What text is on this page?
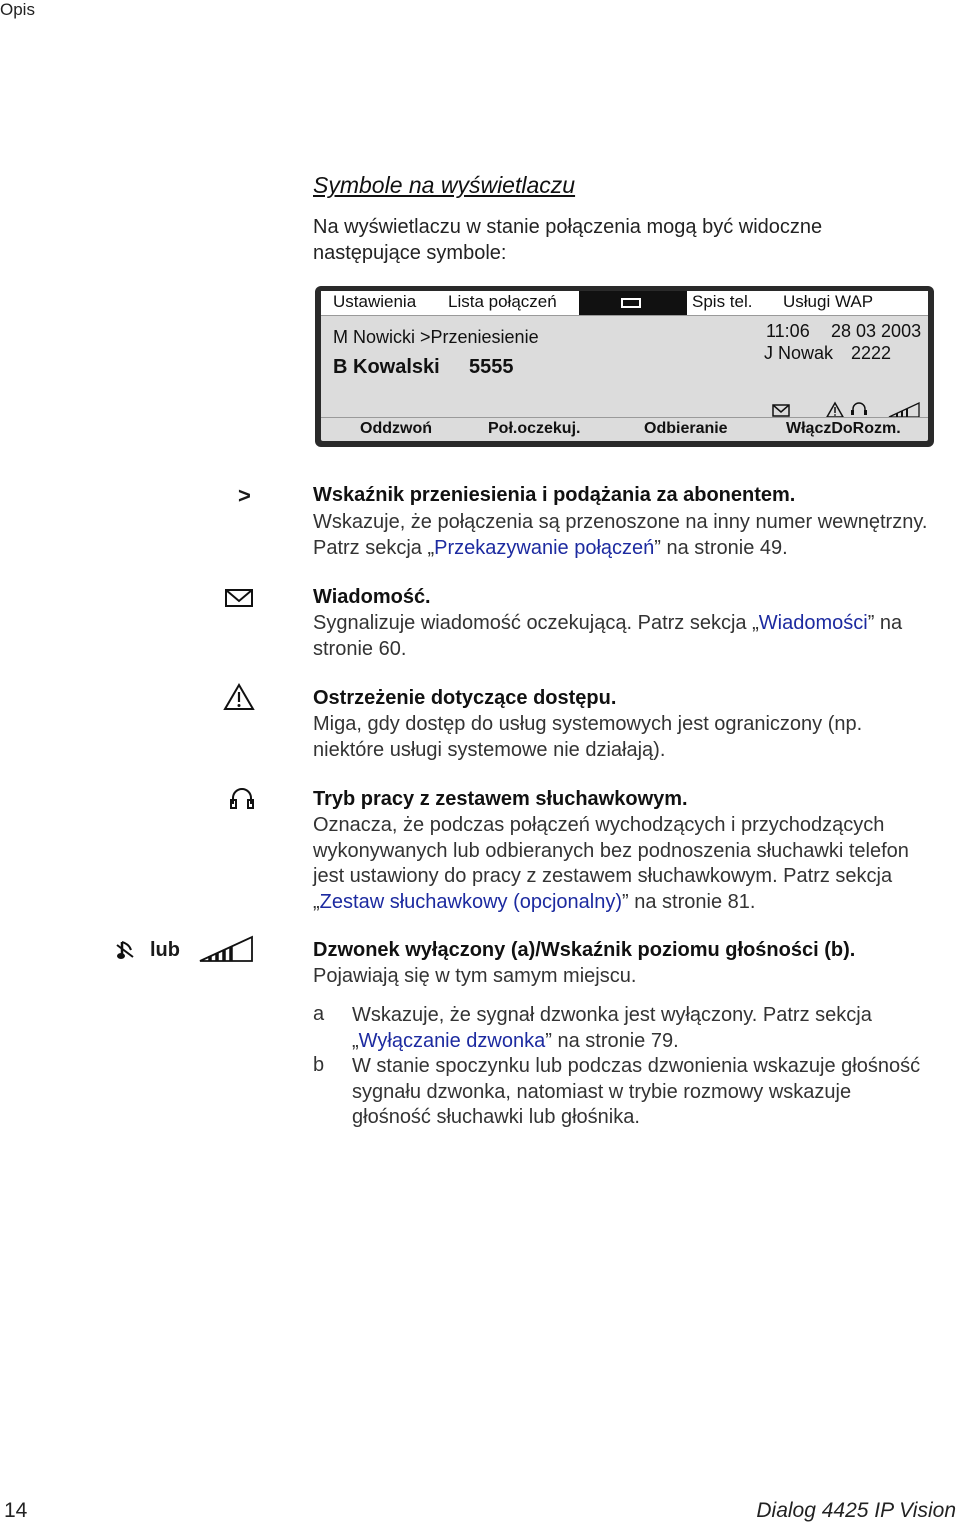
Opis
Symbole na wyświetlaczu
Na wyświetlaczu w stanie połączenia mogą być widoczne
następujące symbole:
Ustawienia Lista połączeń	Spis tel. Usługi WAP
M Nowicki >Przeniesienie
B Kowalski 5555
11:06 28 03 2003
J Nowak 2222
Oddzwoń	Poł.oczekuj.	Odbieranie	WłączDoRozm.
>	Wskaźnik przeniesienia i podążania za abonentem.
Wskazuje, że połączenia są przenoszone na inny numer wewnętrzny.
Patrz sekcja „Przekazywanie połączeń” na stronie 49.
Wiadomość.
Sygnalizuje wiadomość oczekującą. Patrz sekcja „Wiadomości” na
stronie 60.
Ostrzeżenie dotyczące dostępu.
Miga, gdy dostęp do usług systemowych jest ograniczony (np.
niektóre usługi systemowe nie działają).
Tryb pracy z zestawem słuchawkowym.
Oznacza, że podczas połączeń wychodzących i przychodzących
wykonywanych lub odbieranych bez podnoszenia słuchawki telefon
jest ustawiony do pracy z zestawem słuchawkowym. Patrz sekcja
„Zestaw słuchawkowy (opcjonalny)” na stronie 81.
lub	Dzwonek wyłączony (a)/Wskaźnik poziomu głośności (b).
Pojawiają się w tym samym miejscu.
a Wskazuje, że sygnał dzwonka jest wyłączony. Patrz sekcja
„Wyłączanie dzwonka” na stronie 79.
b W stanie spoczynku lub podczas dzwonienia wskazuje głośność
sygnału dzwonka, natomiast w trybie rozmowy wskazuje
głośność słuchawki lub głośnika.
14	Dialog 4425 IP Vision
